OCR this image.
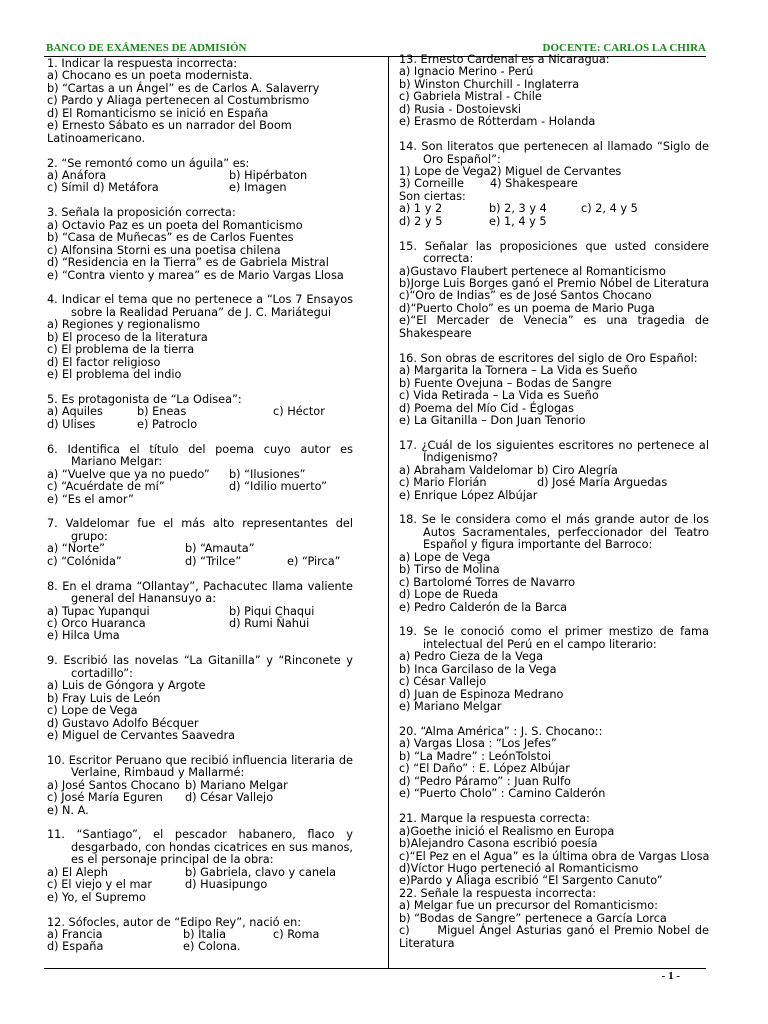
BANCO DE EXÁMENES DE ADMISIÓN	DOCENTE: CARLOS LA CHIRA
- 1 -
1. Indicar la respuesta incorrecta:
a) Chocano es un poeta modernista.
b) “Cartas a un Ángel” es de Carlos A. Salaverry
c) Pardo y Aliaga pertenecen al Costumbrismo
d) El Romanticismo se inició en España
e) Ernesto Sábato es un narrador del Boom Latinoamericano.
2. “Se remontó como un águila” es:
a) Anáfora	b) Hipérbaton
c) Símil d) Metáfora	e) Imagen
3. Señala la proposición correcta:
a) Octavio Paz es un poeta del Romanticismo
b) “Casa de Muñecas” es de Carlos Fuentes
c) Alfonsina Storni es una poetisa chilena
d) “Residencia en la Tierra” es de Gabriela Mistral
e) “Contra viento y marea” es de Mario Vargas Llosa
4. Indicar el tema que no pertenece a “Los 7 Ensayos sobre la Realidad Peruana” de J. C. Mariátegui
a) Regiones y regionalismo
b) El proceso de la literatura
c) El problema de la tierra
d) El factor religioso
e) El problema del indio
5. Es protagonista de “La Odisea”:
a) Aquiles	b) Eneas	c) Héctor
d) Ulises	e) Patroclo
6. Identifica el título del poema cuyo autor es Mariano Melgar:
a) “Vuelve que ya no puedo”	b) “Ilusiones”
c) “Acuérdate de mí”	d) “Idilio muerto”
e) “Es el amor”
7. Valdelomar fue el más alto representantes del grupo:
a) “Norte”	b) “Amauta”
c) “Colónida”	d) “Trilce”	e) “Pirca”
8. En el drama “Ollantay”, Pachacutec llama valiente general del Hanansuyo a:
a) Tupac Yupanqui	b) Piqui Chaqui
c) Orco Huaranca	d) Rumi Ñahui
e) Hilca Uma
9. Escribió las novelas “La Gitanilla” y “Rinconete y cortadillo”:
a) Luis de Góngora y Argote
b) Fray Luis de León
c) Lope de Vega
d) Gustavo Adolfo Bécquer
e) Miguel de Cervantes Saavedra
10. Escritor Peruano que recibió influencia literaria de Verlaine, Rimbaud y Mallarmé:
a) José Santos Chocano b) Mariano Melgar
c) José María Eguren	d) César Vallejo
e) N. A.
11. “Santiago”, el pescador habanero, flaco y desgarbado, con hondas cicatrices en sus manos, es el personaje principal de la obra:
a) El Aleph	b) Gabriela, clavo y canela
c) El viejo y el mar	d) Huasipungo
e) Yo, el Supremo
12. Sófocles, autor de “Edipo Rey”, nació en:
a) Francia	b) Italia	c) Roma
d) España	e) Colona.
13. Ernesto Cardenal es a Nicaragua:
a) Ignacio Merino - Perú
b) Winston Churchill - Inglaterra
c) Gabriela Mistral - Chile
d) Rusia - Dostoievski
e) Erasmo de Rótterdam - Holanda
14. Son literatos que pertenecen al llamado “Siglo de Oro Español”:
1) Lope de Vega 2) Miguel de Cervantes
3) Corneille	4) Shakespeare
Son ciertas:
a) 1 y 2	b) 2, 3 y 4	c) 2, 4 y 5
d) 2 y 5	e) 1, 4 y 5
15. Señalar las proposiciones que usted considere correcta:
a)Gustavo Flaubert pertenece al Romanticismo
b)Jorge Luis Borges ganó el Premio Nóbel de Literatura
c)“Oro de Indias” es de José Santos Chocano
d)“Puerto Cholo” es un poema de Mario Puga
e)“El Mercader de Venecia” es una tragedia de Shakespeare
16. Son obras de escritores del siglo de Oro Español:
a) Margarita la Tornera – La Vida es Sueño
b) Fuente Ovejuna – Bodas de Sangre
c) Vida Retirada – La Vida es Sueño
d) Poema del Mío Cid - Églogas
e) La Gitanilla – Don Juan Tenorio
17. ¿Cuál de los siguientes escritores no pertenece al Indigenismo?
a) Abraham Valdelomar b) Ciro Alegría
c) Mario Florián	d) José María Arguedas
e) Enrique López Albújar
18. Se le considera como el más grande autor de los Autos Sacramentales, perfeccionador del Teatro Español y figura importante del Barroco:
a) Lope de Vega
b) Tirso de Molina
c) Bartolomé Torres de Navarro
d) Lope de Rueda
e) Pedro Calderón de la Barca
19. Se le conoció como el primer mestizo de fama intelectual del Perú en el campo literario:
a) Pedro Cieza de la Vega
b) Inca Garcilaso de la Vega
c) César Vallejo
d) Juan de Espinoza Medrano
e) Mariano Melgar
20. “Alma América” : J. S. Chocano::
a) Vargas Llosa : “Los Jefes”
b) “La Madre” : LeónTolstoi
c) “El Daño” : E. López Albújar
d) “Pedro Páramo” : Juan Rulfo
e) “Puerto Cholo” : Camino Calderón
21. Marque la respuesta correcta:
a)Goethe inició el Realismo en Europa
b)Alejandro Casona escribió poesía
c)“El Pez en el Agua” es la última obra de Vargas Llosa
d)Víctor Hugo perteneció al Romanticismo
e)Pardo y Aliaga escribió “El Sargento Canuto”
22. Señale la respuesta incorrecta:
a) Melgar fue un precursor del Romanticismo:
b) “Bodas de Sangre” pertenece a García Lorca
c)      Miguel Ángel Asturias ganó el Premio Nobel de Literatura
